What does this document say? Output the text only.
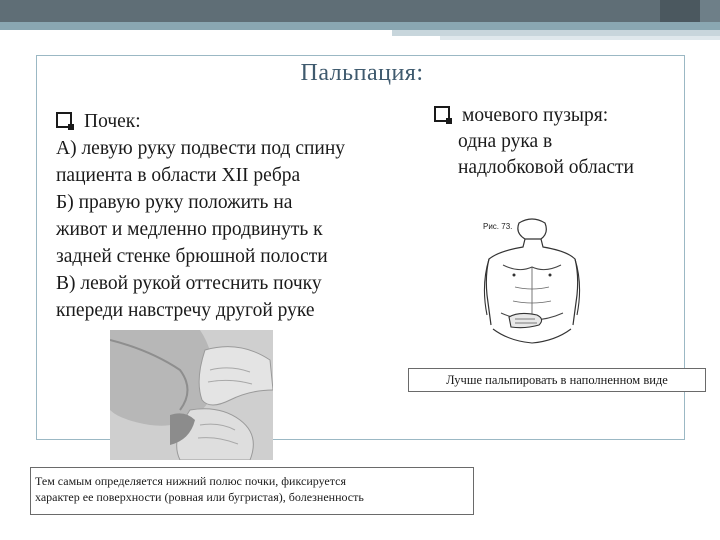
Пальпация:
Почек:
А) левую руку подвести под спину
пациента в области XII ребра
Б) правую руку положить на
живот и медленно продвинуть к
задней стенке брюшной полости
В) левой рукой оттеснить почку
кпереди навстречу другой руке
мочевого пузыря:
одна рука в
надлобковой области
Рис. 73.
Лучше пальпировать в наполненном виде
Тем самым определяется нижний полюс почки, фиксируется
характер ее поверхности (ровная или бугристая), болезненность
